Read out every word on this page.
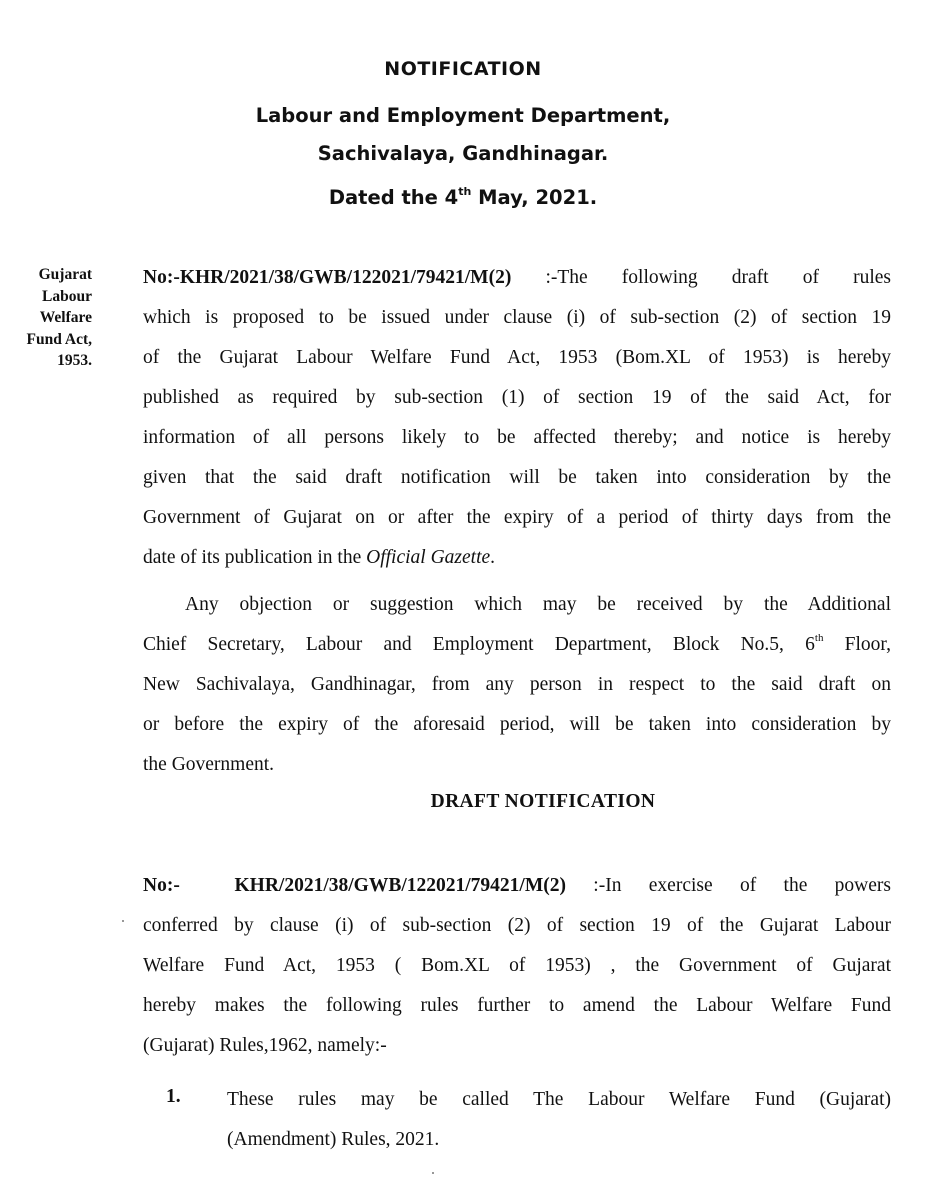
NOTIFICATION
Labour and Employment Department,
Sachivalaya, Gandhinagar.
Dated the 4th May, 2021.
Gujarat
Labour
Welfare
Fund Act,
1953.
No:-KHR/2021/38/GWB/122021/79421/M(2) :-The following draft of rules
which is proposed to be issued under clause (i) of sub-section (2) of section 19
of the Gujarat Labour Welfare Fund Act, 1953 (Bom.XL of 1953) is hereby
published as required by sub-section (1) of section 19 of the said Act, for
information of all persons likely to be affected thereby; and notice is hereby
given that the said draft notification will be taken into consideration by the
Government of Gujarat on or after the expiry of a period of thirty days from the
date of its publication in the Official Gazette.
Any objection or suggestion which may be received by the Additional
Chief Secretary, Labour and Employment Department, Block No.5, 6th Floor,
New Sachivalaya, Gandhinagar, from any person in respect to the said draft on
or before the expiry of the aforesaid period, will be taken into consideration by
the Government.
DRAFT NOTIFICATION
No:-	KHR/2021/38/GWB/122021/79421/M(2) :-In exercise of the powers
conferred by clause (i) of sub-section (2) of section 19 of the Gujarat Labour
Welfare Fund Act, 1953 ( Bom.XL of 1953) , the Government of Gujarat
hereby makes the following rules further to amend the Labour Welfare Fund
(Gujarat) Rules,1962, namely:-
1. These rules may be called The Labour Welfare Fund (Gujarat)
(Amendment) Rules, 2021.
